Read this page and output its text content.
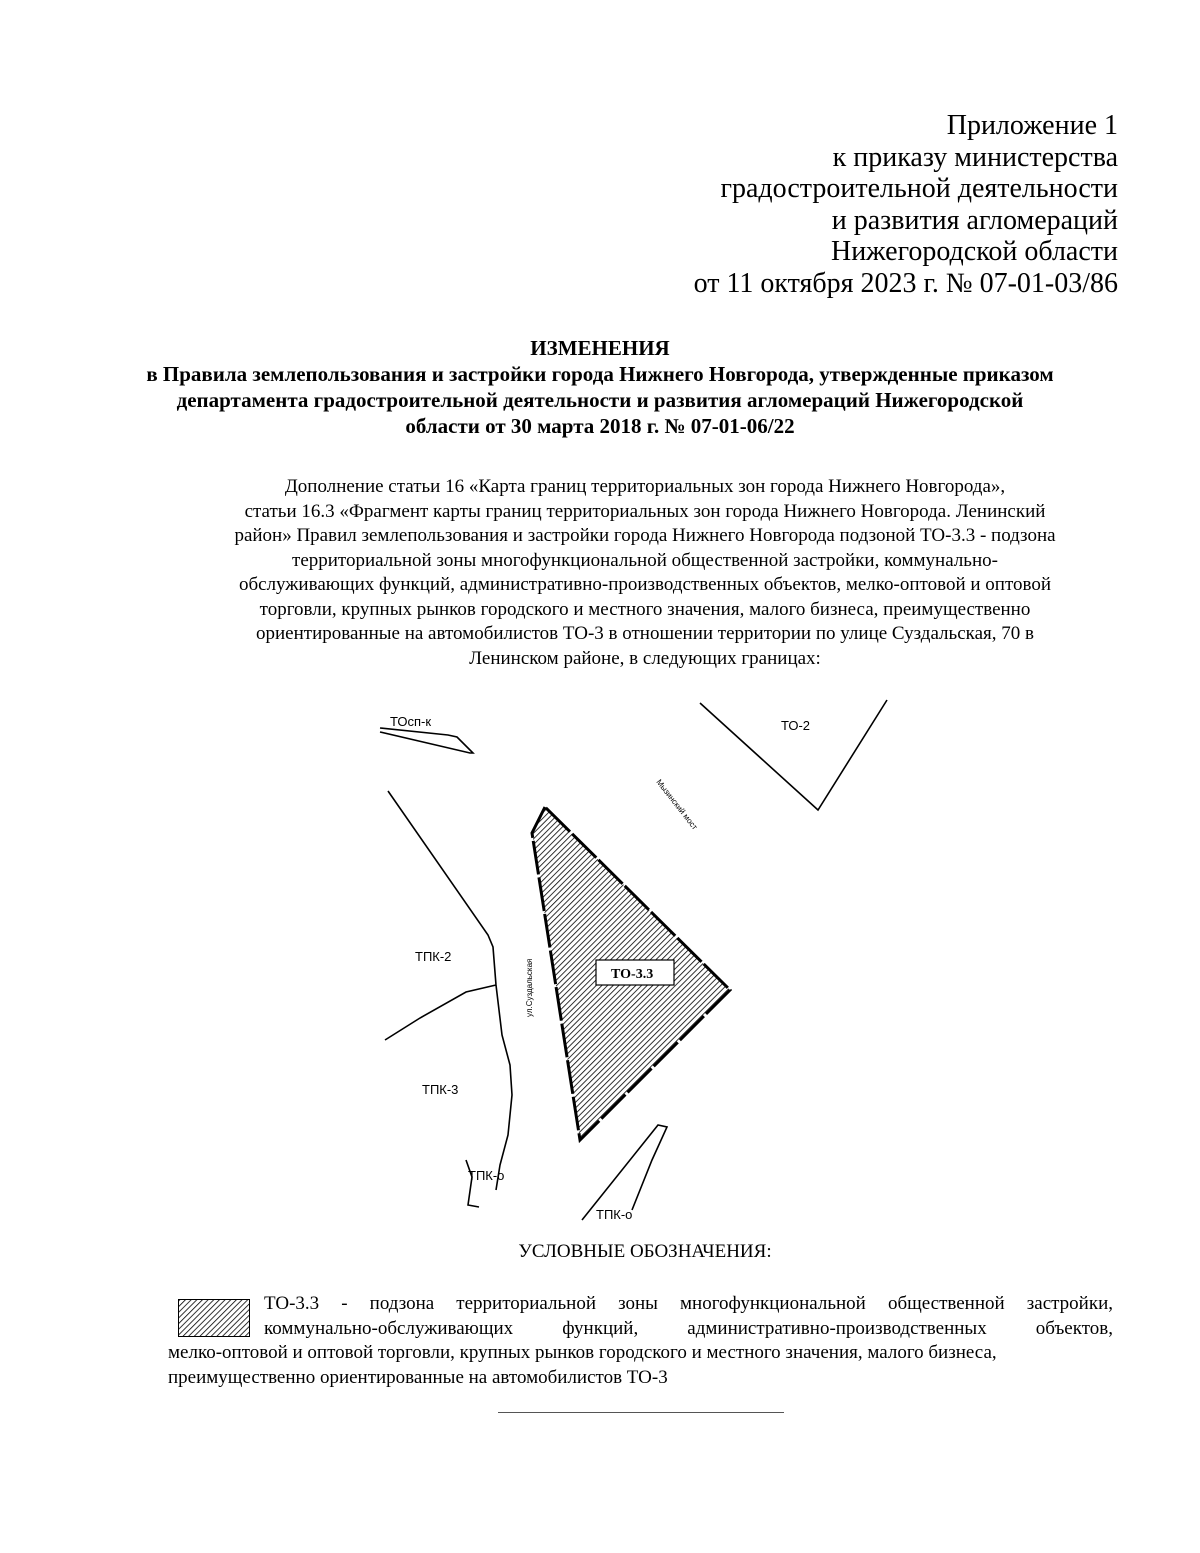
Приложение 1
к приказу министерства
градостроительной деятельности
и развития агломераций
Нижегородской области
от 11 октября 2023 г. № 07-01-03/86
ИЗМЕНЕНИЯ
в Правила землепользования и застройки города Нижнего Новгорода, утвержденные приказом
департамента градостроительной деятельности и развития агломераций Нижегородской
области от 30 марта 2018 г. № 07-01-06/22
Дополнение статьи 16 «Карта границ территориальных зон города Нижнего Новгорода»,
статьи 16.3 «Фрагмент карты границ территориальных зон города Нижнего Новгорода. Ленинский
район» Правил землепользования и застройки города Нижнего Новгорода подзоной ТО-3.3 - подзона
территориальной зоны многофункциональной общественной застройки, коммунально-
обслуживающих функций, административно-производственных объектов, мелко-оптовой и оптовой
торговли, крупных рынков городского и местного значения, малого бизнеса, преимущественно
ориентированные на автомобилистов ТО-3 в отношении территории по улице Суздальская, 70 в
Ленинском районе, в следующих границах:
ТОсп-к	ТО-2
Мызинский мост
ТПК-2
ТПК-3
ТПК-о
ул.Суздальская	ТО-3.3
ТПК-о
УСЛОВНЫЕ ОБОЗНАЧЕНИЯ:
ТО-3.3 - подзона территориальной зоны многофункциональной общественной застройки,
коммунально-обслуживающих функций, административно-производственных объектов,
мелко-оптовой и оптовой торговли, крупных рынков городского и местного значения, малого бизнеса,
преимущественно ориентированные на автомобилистов ТО-3
